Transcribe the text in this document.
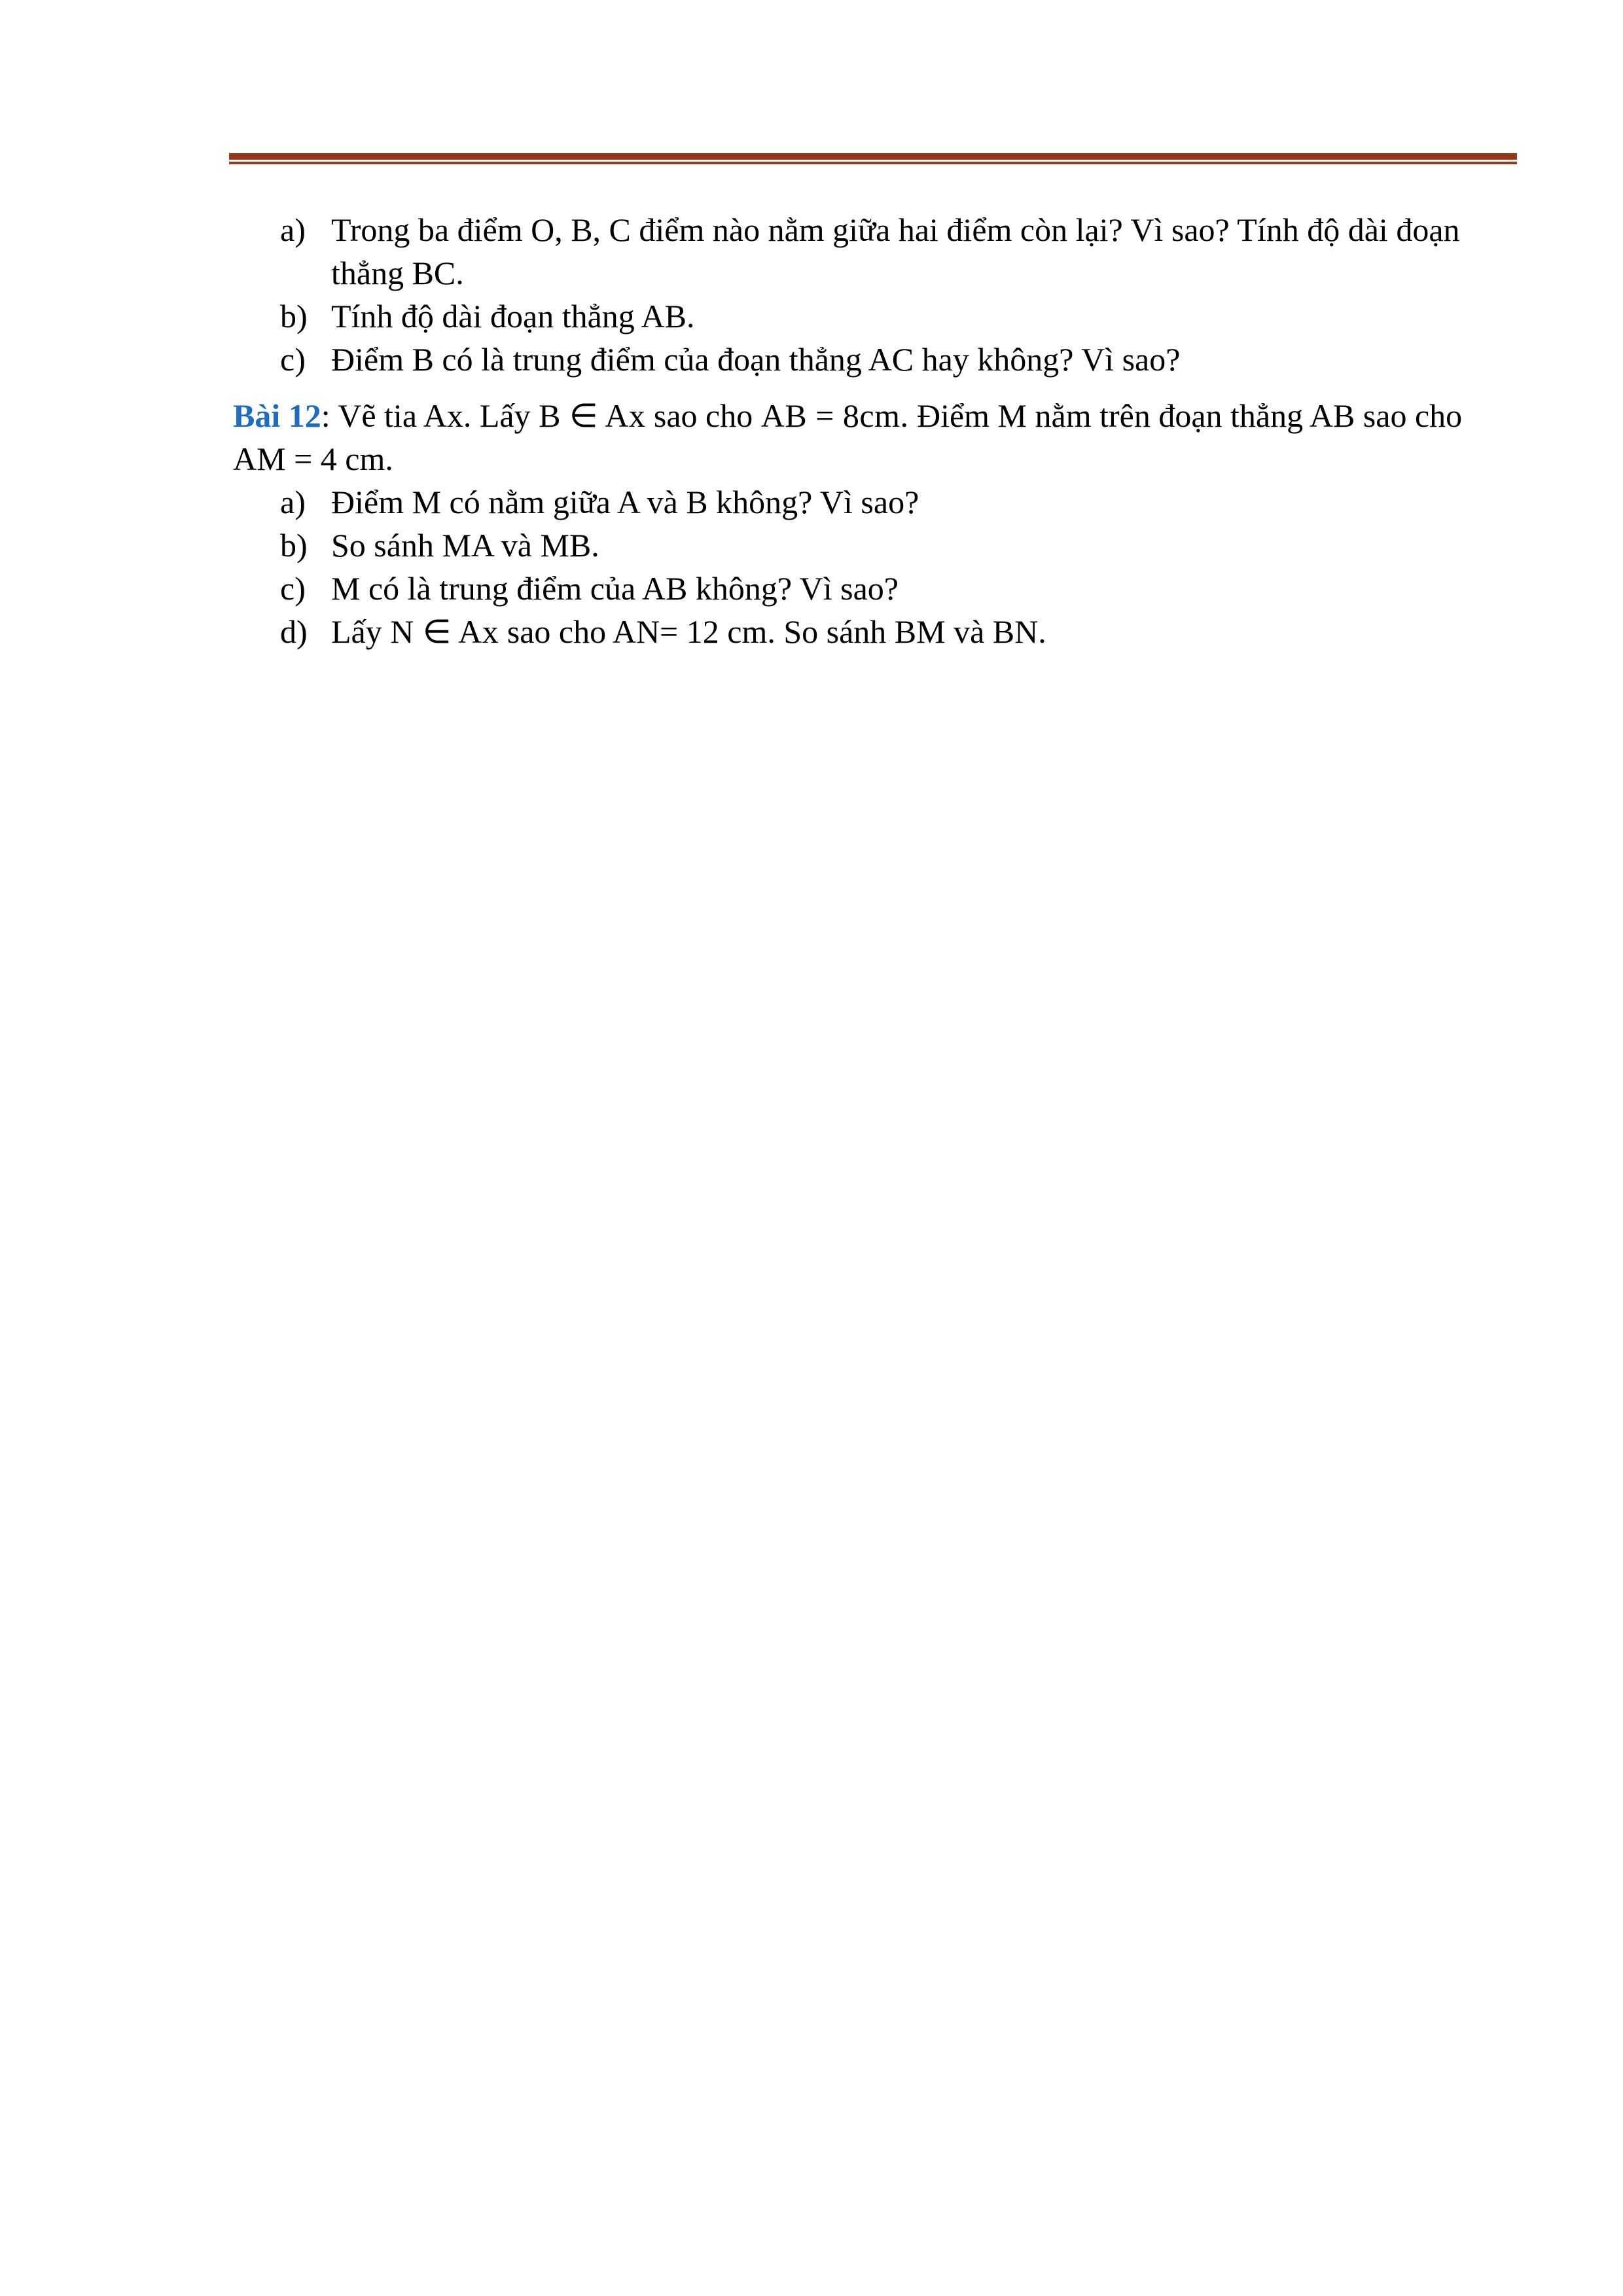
a) Trong ba điểm O, B, C điểm nào nằm giữa hai điểm còn lại? Vì sao? Tính độ dài đoạn thẳng BC.
b) Tính độ dài đoạn thẳng AB.
c) Điểm B có là trung điểm của đoạn thẳng AC hay không? Vì sao?

Bài 12: Vẽ tia Ax. Lấy B ∈ Ax sao cho AB = 8cm. Điểm M nằm trên đoạn thẳng AB sao cho AM = 4 cm.

a) Điểm M có nằm giữa A và B không? Vì sao?
b) So sánh MA và MB.
c) M có là trung điểm của AB không? Vì sao?
d) Lấy N ∈ Ax sao cho AN= 12 cm. So sánh BM và BN.
